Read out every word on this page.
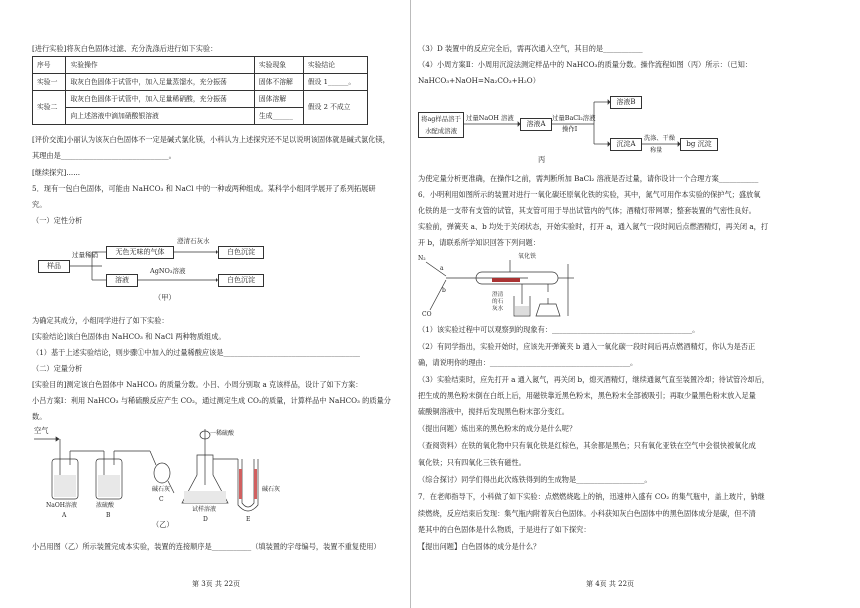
[进行实验]将灰白色固体过滤、充分洗涤后进行如下实验：
序号	实验操作	实验现象	实验结论
实验一	取灰白色固体于试管中，加入足量蒸馏水，充分振荡	固体不溶解	假设 1______。
实验二	取灰白色固体于试管中，加入足量稀硝酸，充分振荡	固体溶解	假设 2 不成立
	向上述溶液中滴加硝酸银溶液	生成______	
[评价交流]小丽认为该灰白色固体不一定是碱式氯化镁，小科认为上述探究还不足以说明该固体就是碱式氯化镁，
其理由是______________________________。
[继续探究]......
5．现有一包白色固体，可能由 NaHCO₃ 和 NaCl 中的一种或两种组成。某科学小组同学展开了系列拓展研
究。
（一）定性分析
样品
无色无味的气体	白色沉淀
溶液	白色沉淀
过量稀硝
澄清石灰水
AgNO₃溶液
（甲）
为确定其成分，小组同学进行了如下实验：
[实验结论]该白色固体由 NaHCO₃ 和 NaCl 两种物质组成。
（1）基于上述实验结论，则步骤①中加入的过量稀酸应该是______________________________________
（二）定量分析
[实验目的]测定该白色固体中 NaHCO₃ 的质量分数。小吕、小周分别取 a 克该样品，设计了如下方案：
小吕方案Ⅰ：利用 NaHCO₃ 与稀硫酸反应产生 CO₂，通过测定生成 CO₂的质量，计算样品中 NaHCO₃ 的质量分
数。
空气	一稀硫酸
NaOH溶液	浓硫酸
碱石灰
试样溶液
碱石灰
A	B
C
D	E
（乙）
小吕用图（乙）所示装置完成本实验，装置的连接顺序是___________（填装置的字母编号，装置不重复使用）
第 3页 共 22页
（3）D 装置中的反应完全后，需再次通入空气，其目的是___________
（4）小周方案Ⅱ：小周用沉淀法测定样品中的 NaHCO₃的质量分数。操作流程如图（丙）所示：（已知：
NaHCO₃+NaOH=Na₂CO₃+H₂O）
将ag样品溶于水配成溶液
溶液A
溶液B
沉淀A	bg 沉淀
过量NaOH 溶液	过量BaCl₂溶液
操作Ⅰ
洗涤、干燥
称量
丙
为使定量分析更准确，在操作Ⅰ之前，需判断所加 BaCl₂ 溶液是否过量，请你设计一个合理方案___________
6．小明利用如图所示的装置对进行一氧化碳还原氧化铁的实验，其中，氮气可用作本实验的保护气；盛放氧
化铁的是一支带有支管的试管，其支管可用于导出试管内的气体；酒精灯带网罩；整套装置的气密性良好。
实验前，弹簧夹 a、b 均处于关闭状态，开始实验时，打开 a，通入氮气一段时间后点燃酒精灯，再关闭 a，打
开 b，请联系所学知识回答下列问题：
N₂
a
b
CO
氧化铁
澄清
的石
灰水
（1）该实验过程中可以观察到的现象有：_______________________________________。
（2）有同学指出，实验开始时，应该先开弹簧夹 b 通入一氧化碳一段时间后再点燃酒精灯，你认为是否正
确，请说明你的理由：_______________________________________。
（3）实验结束时，应先打开 a 通入氮气，再关闭 b，熄灭酒精灯，继续通氮气直至装置冷却；待试管冷却后，
把生成的黑色粉末倒在白纸上后，用磁铁靠近黑色粉末，黑色粉末全部被吸引；再取少量黑色粉末放入足量
硫酸铜溶液中，搅拌后发现黑色粉末部分变红。
（提出问题）炼出来的黑色粉末的成分是什么呢？
（查阅资料）在铁的氧化物中只有氧化铁是红棕色，其余都是黑色；只有氧化亚铁在空气中会很快被氧化成
氧化铁；只有四氧化三铁有磁性。
（综合探讨）同学们得出此次炼铁得到的生成物是___________________。
7．在老师指导下，小科做了如下实验：点燃燃烧匙上的钠，迅速伸入盛有 CO₂ 的集气瓶中，盖上玻片，钠继
续燃烧，反应结束后发现：集气瓶内附着灰白色固体。小科获知灰白色固体中的黑色固体成分是碳，但不清
楚其中的白色固体是什么物质，于是进行了如下探究：
【提出问题】白色固体的成分是什么？
第 4页 共 22页
